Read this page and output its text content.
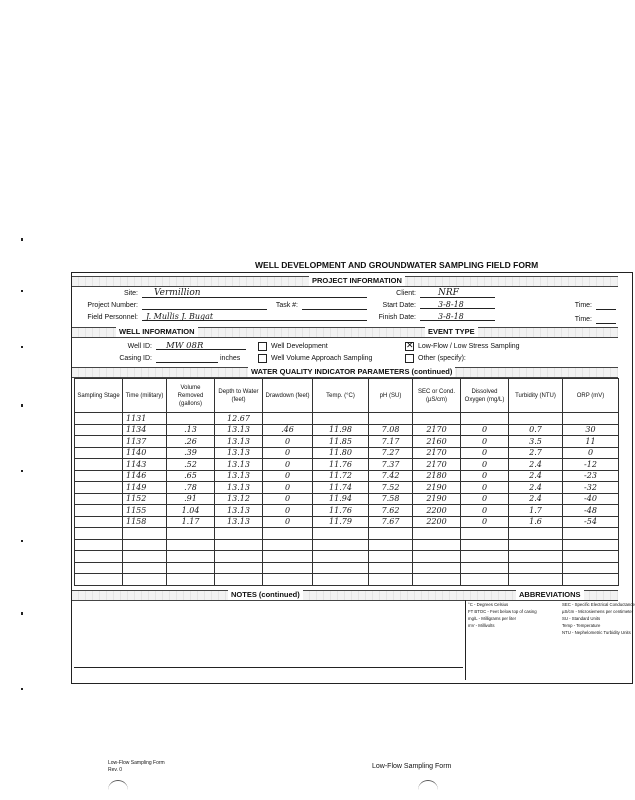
WELL DEVELOPMENT AND GROUNDWATER SAMPLING FIELD FORM
PROJECT INFORMATION
Site:	Vermillion	Client:	NRF
Project Number:	Task #:	Start Date:	3-8-18	Time:
Field Personnel:	J. Mullis J. Bugat	Finish Date:	3-8-18	Time:
WELL INFORMATION	EVENT TYPE
Well ID:	MW 08R
Casing ID:	inches
Well Development
Well Volume Approach Sampling
✕
Low-Flow / Low Stress Sampling
Other (specify):
WATER QUALITY INDICATOR PARAMETERS (continued)
Sampling Stage	Time (military)	Volume Removed (gallons)	Depth to Water (feet)	Drawdown (feet)	Temp. (°C)	pH (SU)	SEC or Cond. (µS/cm)	Dissolved Oxygen (mg/L)	Turbidity (NTU)	ORP (mV)
	1131		12.67							
	1134	.13	13.13	.46	11.98	7.08	2170	0	0.7	30
	1137	.26	13.13	0	11.85	7.17	2160	0	3.5	11
	1140	.39	13.13	0	11.80	7.27	2170	0	2.7	0
	1143	.52	13.13	0	11.76	7.37	2170	0	2.4	-12
	1146	.65	13.13	0	11.72	7.42	2180	0	2.4	-23
	1149	.78	13.13	0	11.74	7.52	2190	0	2.4	-32
	1152	.91	13.12	0	11.94	7.58	2190	0	2.4	-40
	1155	1.04	13.13	0	11.76	7.62	2200	0	1.7	-48
	1158	1.17	13.13	0	11.79	7.67	2200	0	1.6	-54

NOTES (continued)	ABBREVIATIONS
°C - Degrees Celsius
FT BTOC - Feet below top of casing
mg/L - Milligrams per liter
mV - Millivolts
SEC - Specific Electrical Conductance
µS/cm - Microsiemens per centimeter
SU - Standard Units
Temp - Temperature
NTU - Nephelometric Turbidity Units
Low-Flow Sampling Form
Rev. 0	Low-Flow Sampling Form
